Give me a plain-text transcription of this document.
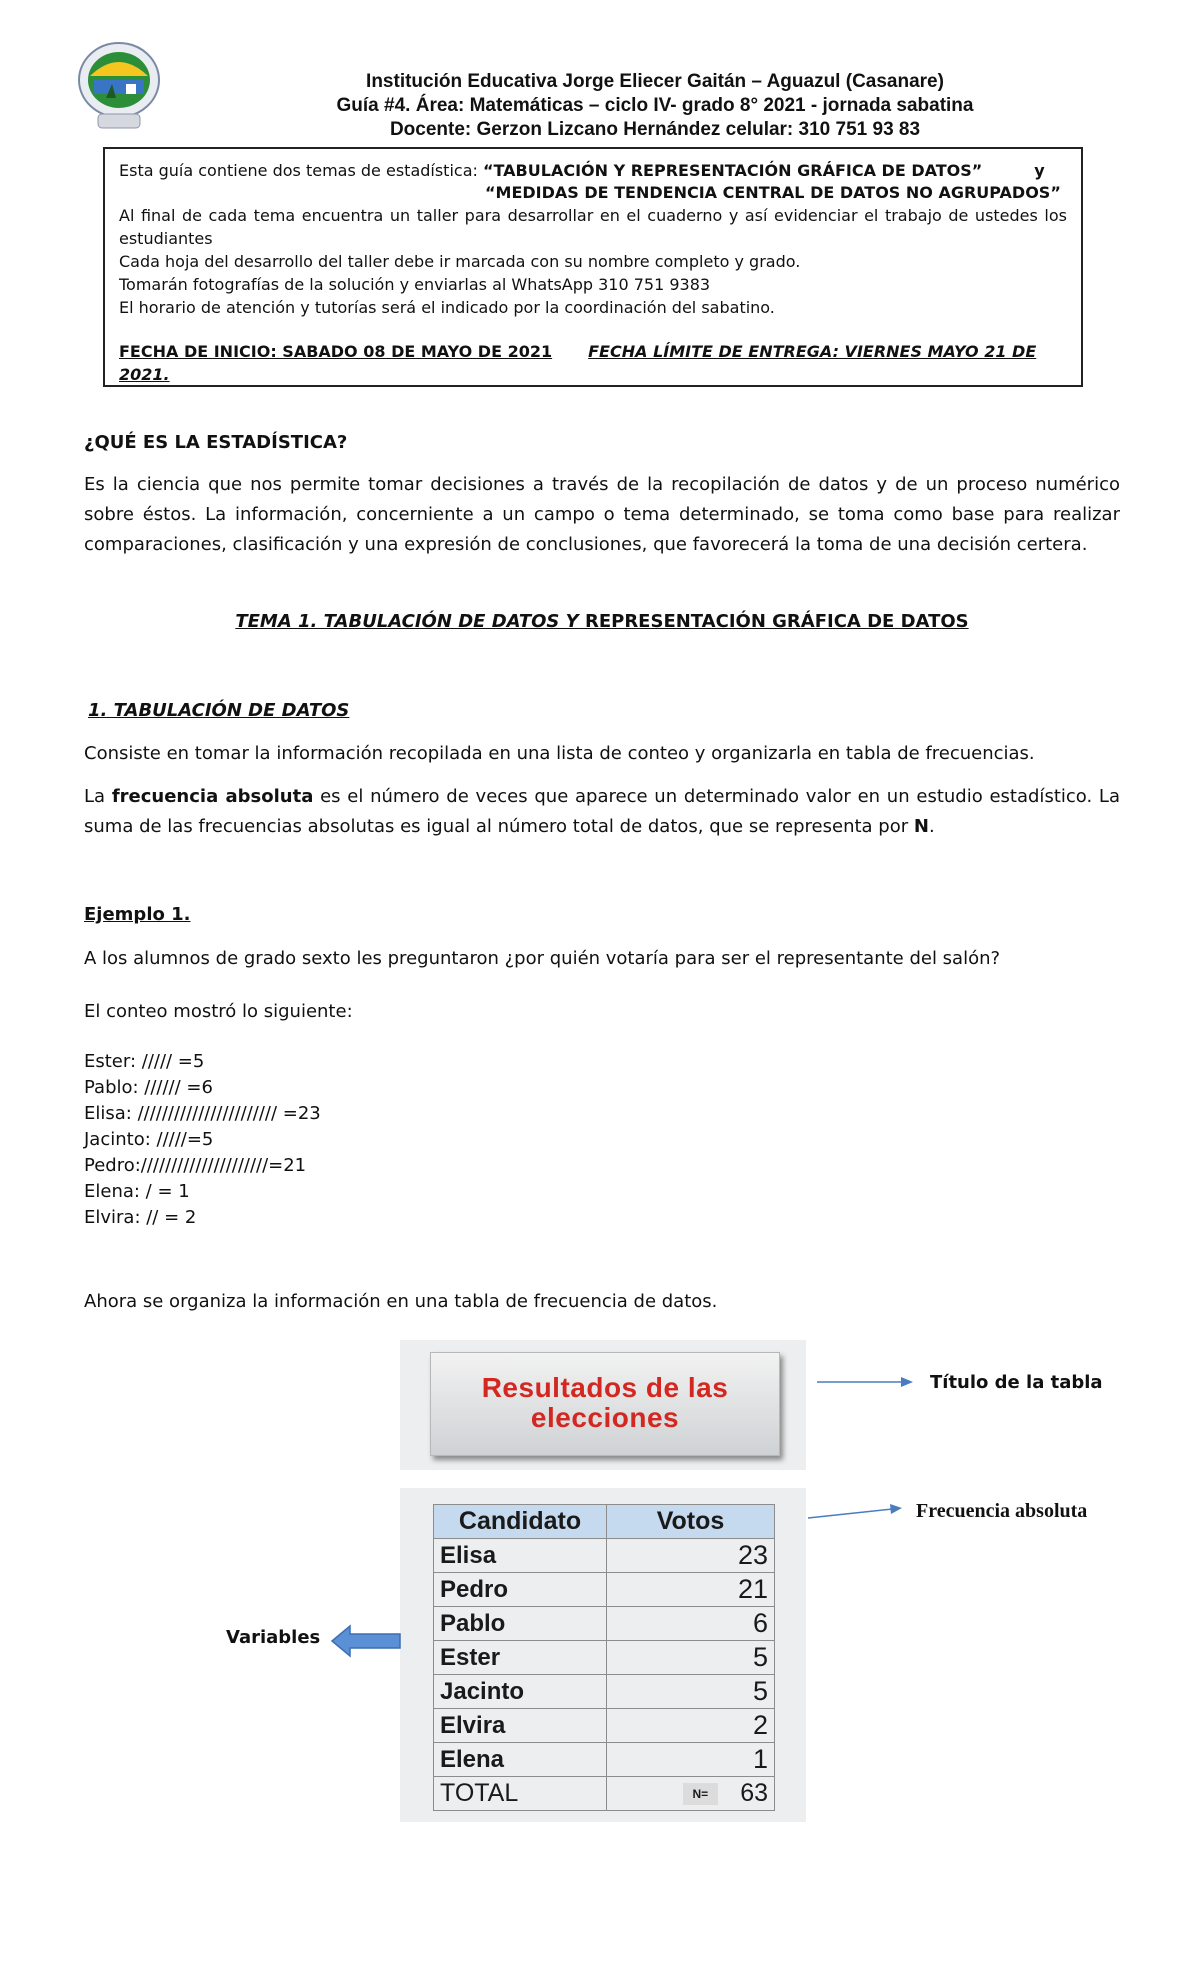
Institución Educativa Jorge Eliecer Gaitán – Aguazul (Casanare)
Guía #4. Área: Matemáticas – ciclo IV- grado 8° 2021 - jornada sabatina
Docente: Gerzon Lizcano Hernández celular: 310 751 93 83
Esta guía contiene dos temas de estadística: “TABULACIÓN Y REPRESENTACIÓN GRÁFICA DE DATOS”	y
“MEDIDAS DE TENDENCIA CENTRAL DE DATOS NO AGRUPADOS”
Al final de cada tema encuentra un taller para desarrollar en el cuaderno y así evidenciar el trabajo de ustedes los estudiantes
Cada hoja del desarrollo del taller debe ir marcada con su nombre completo y grado.
Tomarán fotografías de la solución y enviarlas al WhatsApp 310 751 9383
El horario de atención y tutorías será el indicado por la coordinación del sabatino.
FECHA DE INICIO: SABADO 08 DE MAYO DE 2021 FECHA LÍMITE DE ENTREGA: VIERNES MAYO 21 DE 2021.
¿QUÉ ES LA ESTADÍSTICA?
Es la ciencia que nos permite tomar decisiones a través de la recopilación de datos y de un proceso numérico sobre éstos. La información, concerniente a un campo o tema determinado, se toma como base para realizar comparaciones, clasificación y una expresión de conclusiones, que favorecerá la toma de una decisión certera.
TEMA 1. TABULACIÓN DE DATOS Y REPRESENTACIÓN GRÁFICA DE DATOS
1. TABULACIÓN DE DATOS
Consiste en tomar la información recopilada en una lista de conteo y organizarla en tabla de frecuencias.
La frecuencia absoluta es el número de veces que aparece un determinado valor en un estudio estadístico. La suma de las frecuencias absolutas es igual al número total de datos, que se representa por N.
Ejemplo 1.
A los alumnos de grado sexto les preguntaron ¿por quién votaría para ser el representante del salón?
El conteo mostró lo siguiente:
Ester: ///// =5
Pablo: ////// =6
Elisa: /////////////////////// =23
Jacinto: /////=5
Pedro://///////////////////=21
Elena: / = 1
Elvira: // = 2
Ahora se organiza la información en una tabla de frecuencia de datos.
Resultados de las
elecciones
Título de la tabla
Candidato	Votos
Elisa	23
Pedro	21
Pablo	6
Ester	5
Jacinto	5
Elvira	2
Elena	1
TOTAL	N= 63
Frecuencia absoluta
Variables
